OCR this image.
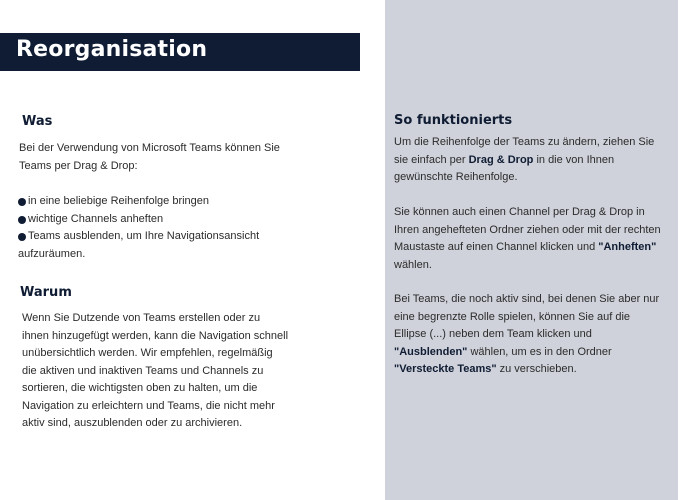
Reorganisation
Was

Bei der Verwendung von Microsoft Teams können Sie Teams per Drag & Drop:

in eine beliebige Reihenfolge bringen
wichtige Channels anheften
Teams ausblenden, um Ihre Navigationsansicht
aufzuräumen.
Warum

Wenn Sie Dutzende von Teams erstellen oder zu ihnen hinzugefügt werden, kann die Navigation schnell unübersichtlich werden. Wir empfehlen, regelmäßig die aktiven und inaktiven Teams und Channels zu sortieren, die wichtigsten oben zu halten, um die Navigation zu erleichtern und Teams, die nicht mehr aktiv sind, auszublenden oder zu archivieren.

So funktionierts

Um die Reihenfolge der Teams zu ändern, ziehen Sie sie einfach per Drag & Drop in die von Ihnen gewünschte Reihenfolge.

Sie können auch einen Channel per Drag & Drop in Ihren angehefteten Ordner ziehen oder mit der rechten Maustaste auf einen Channel klicken und "Anheften" wählen.

Bei Teams, die noch aktiv sind, bei denen Sie aber nur eine begrenzte Rolle spielen, können Sie auf die Ellipse (...) neben dem Team klicken und "Ausblenden" wählen, um es in den Ordner "Versteckte Teams" zu verschieben.
